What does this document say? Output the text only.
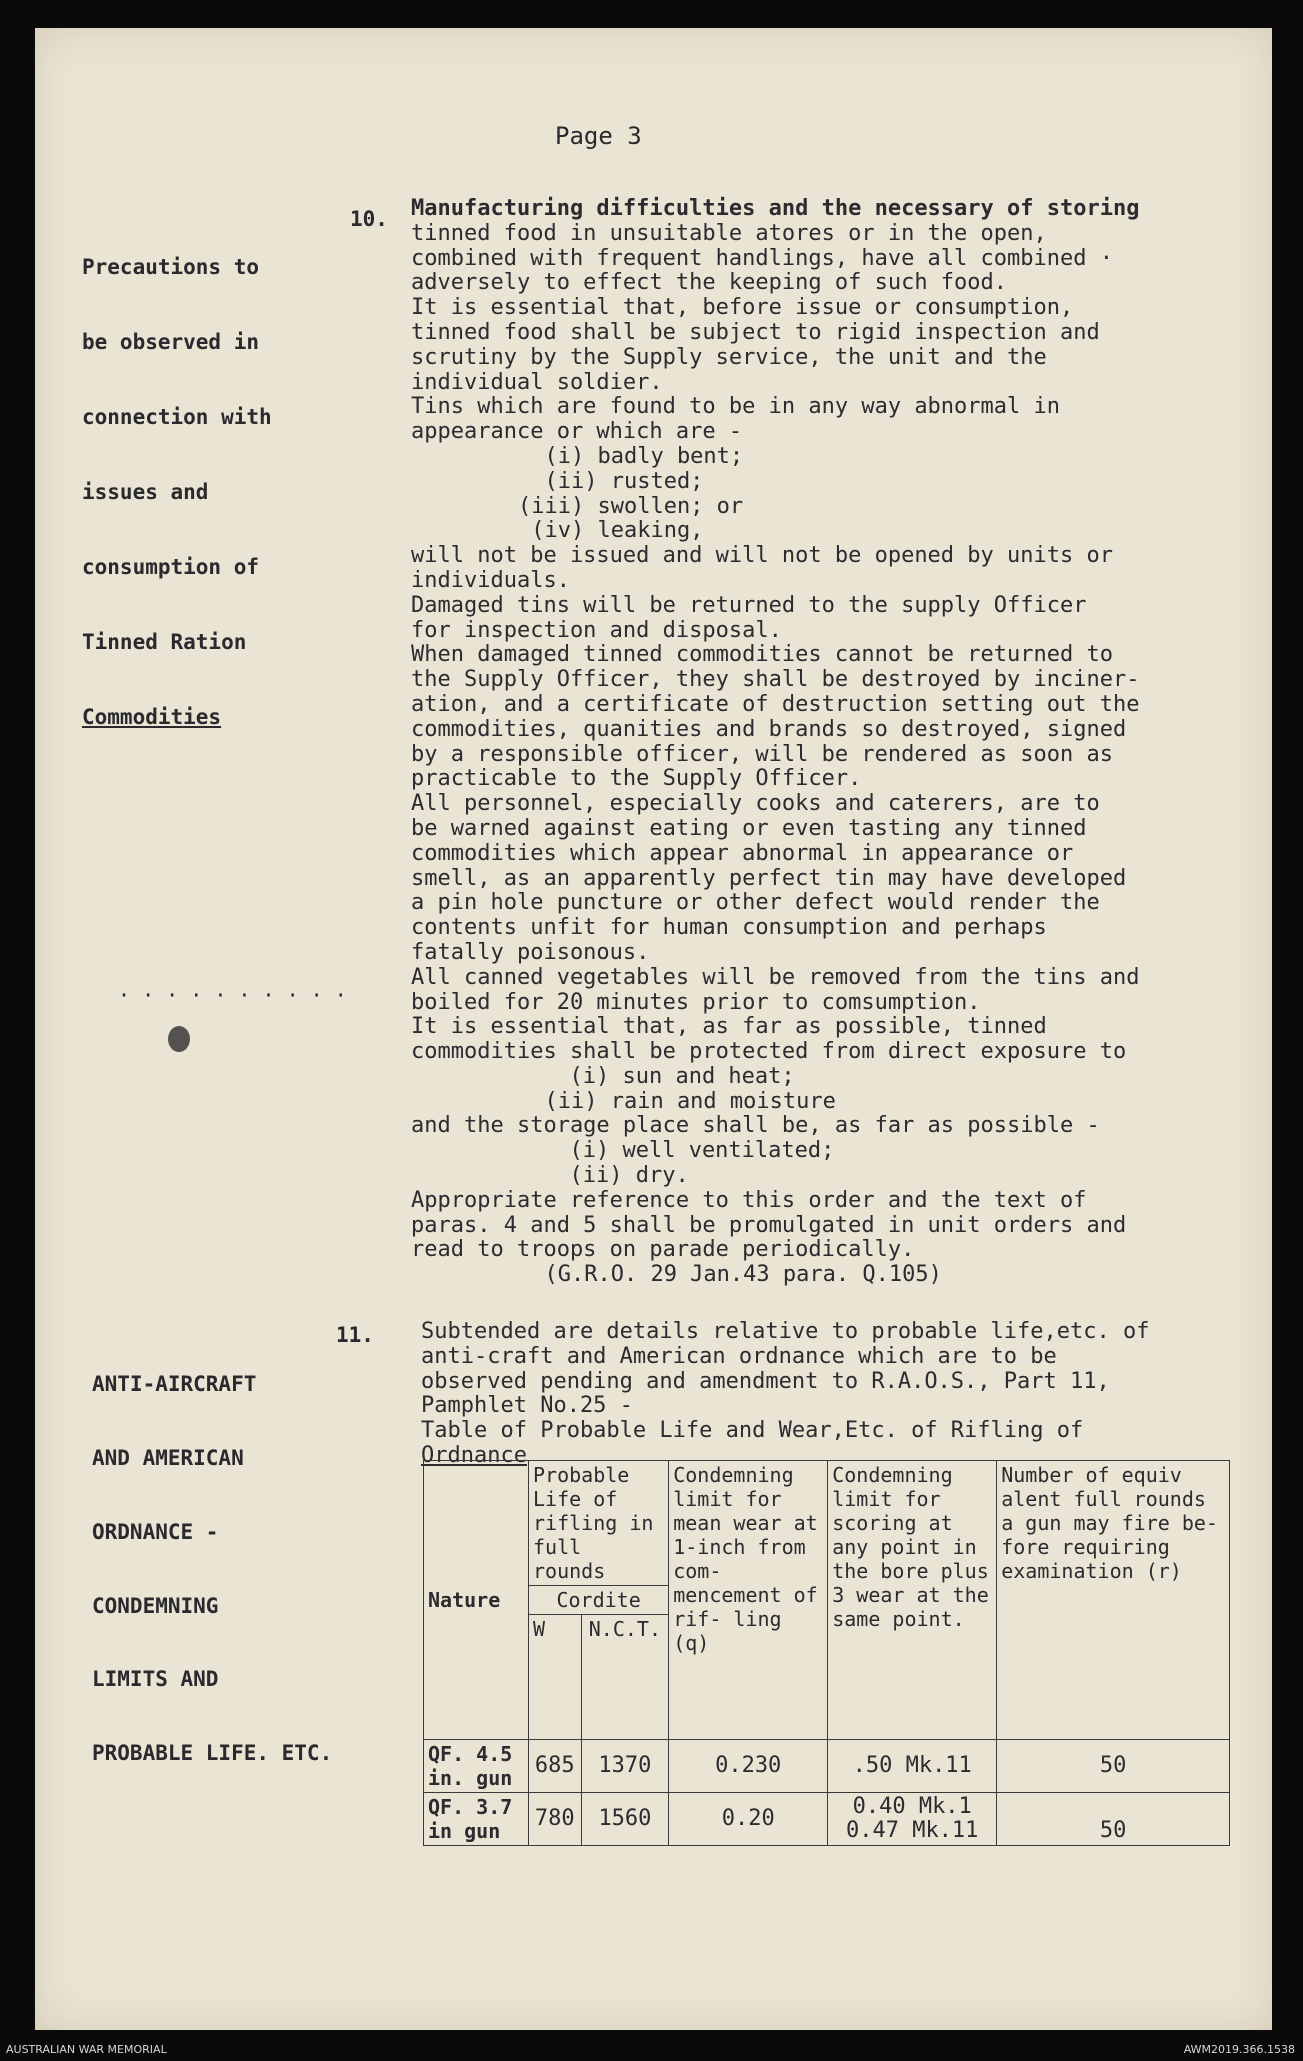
Page 3

Precautions to

be observed in

connection with

issues and

consumption of

Tinned Ration

Commodities

10. Manufacturing difficulties and the necessary of storing
tinned food in unsuitable atores or in the open,
combined with frequent handlings, have all combined ·
adversely to effect the keeping of such food.
It is essential that, before issue or consumption,
tinned food shall be subject to rigid inspection and
scrutiny by the Supply service, the unit and the
individual soldier.
Tins which are found to be in any way abnormal in
appearance or which are -
(i) badly bent;
(ii) rusted;
(iii) swollen; or
(iv) leaking,
will not be issued and will not be opened by units or
individuals.
Damaged tins will be returned to the supply Officer
for inspection and disposal.
When damaged tinned commodities cannot be returned to
the Supply Officer, they shall be destroyed by inciner-
ation, and a certificate of destruction setting out the
commodities, quanities and brands so destroyed, signed
by a responsible officer, will be rendered as soon as
practicable to the Supply Officer.
All personnel, especially cooks and caterers, are to
be warned against eating or even tasting any tinned
commodities which appear abnormal in appearance or
smell, as an apparently perfect tin may have developed
a pin hole puncture or other defect would render the
contents unfit for human consumption and perhaps
fatally poisonous.
All canned vegetables will be removed from the tins and
boiled for 20 minutes prior to comsumption.
It is essential that, as far as possible, tinned
commodities shall be protected from direct exposure to
(i) sun and heat;
(ii) rain and moisture
and the storage place shall be, as far as possible -
(i) well ventilated;
(ii) dry.
Appropriate reference to this order and the text of
paras. 4 and 5 shall be promulgated in unit orders and
read to troops on parade periodically.
(G.R.O. 29 Jan.43 para. Q.105)
· · · · · · · · · ·

ANTI-AIRCRAFT

AND AMERICAN

ORDNANCE -

CONDEMNING

LIMITS AND

PROBABLE LIFE. ETC.

11. Subtended are details relative to probable life,etc. of
anti-craft and American ordnance which are to be
observed pending and amendment to R.A.O.S., Part 11,
Pamphlet No.25 -
Table of Probable Life and Wear,Etc. of Rifling of
Ordnance
Nature	Probable Life of rifling in full rounds		Condemning limit for mean wear at 1-inch from com- mencement of rif- ling (q)	Condemning limit for scoring at any point in the bore plus 3 wear at the same point.	Number of equiv alent full rounds a gun may fire be- fore requiring examination (r)
	Cordite				
	W	N.C.T.			
QF. 4.5 in. gun	685	1370	0.230	.50 Mk.11	50
QF. 3.7 in gun	780	1560	0.20	0.40 Mk.1 0.47 Mk.11	50
AUSTRALIAN WAR MEMORIAL	AWM2019.366.1538
